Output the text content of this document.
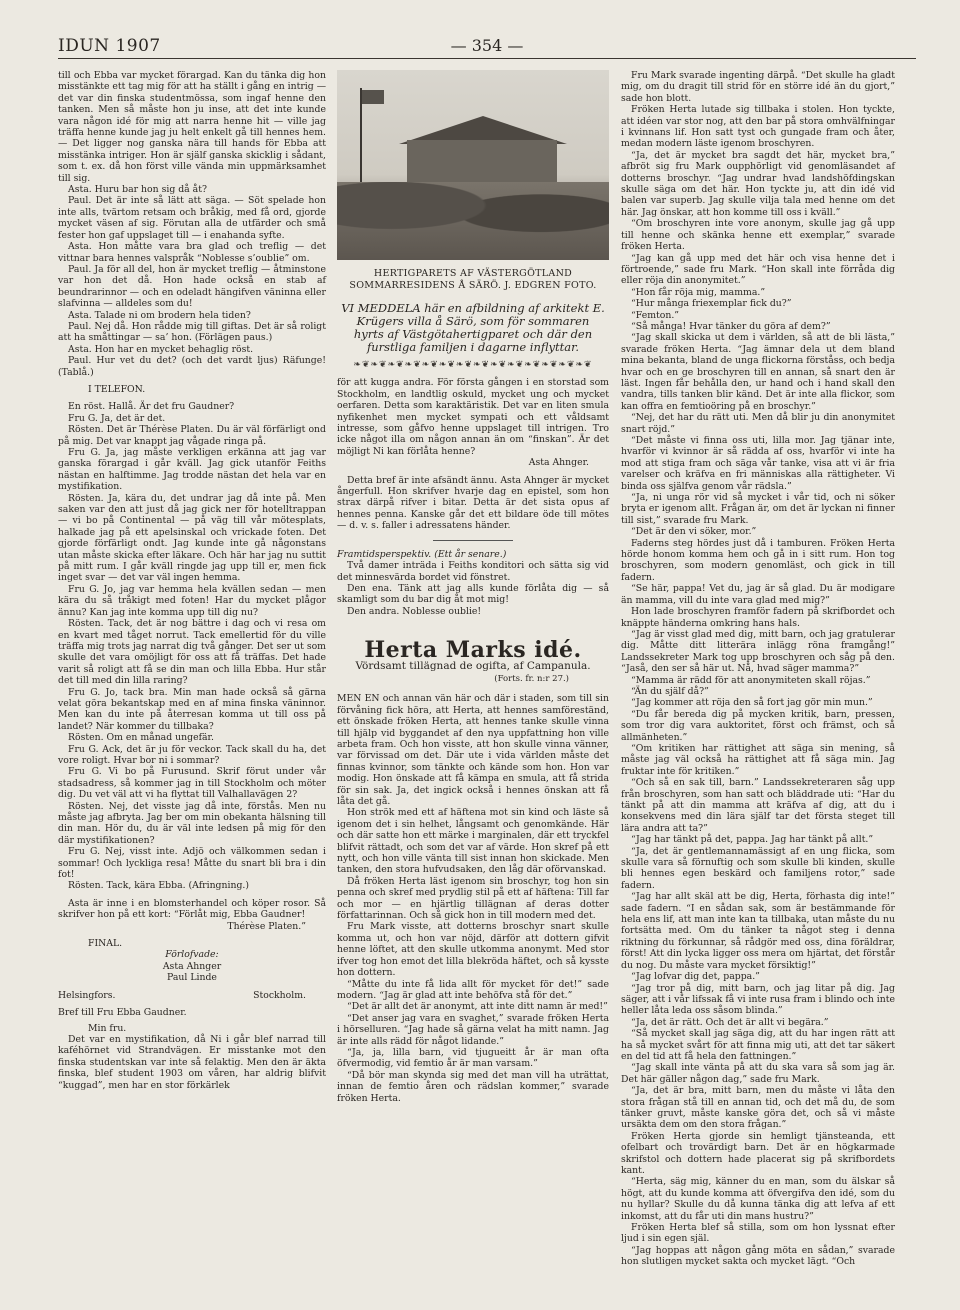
IDUN 1907	— 354 —

till och Ebba var mycket förargad. Kan du tänka dig hon misstänkte ett tag mig för att ha ställt i gång en intrig — det var din finska studentmössa, som ingaf henne den tanken. Men så måste hon ju inse, att det inte kunde vara någon idé för mig att narra henne hit — ville jag träffa henne kunde jag ju helt enkelt gå till hennes hem. — Det ligger nog ganska nära till hands för Ebba att misstänka intriger. Hon är själf ganska skicklig i sådant, som t. ex. då hon först ville vända min uppmärksamhet till sig.

Asta. Huru bar hon sig då åt?

Paul. Det är inte så lätt att säga. — Söt spelade hon inte alls, tvärtom retsam och bråkig, med få ord, gjorde mycket väsen af sig. Förutan alla de utfärder och små fester hon gaf uppslaget till — i enahanda syfte.

Asta. Hon måtte vara bra glad och treflig — det vittnar bara hennes valspråk “Noblesse s’oublie” om.

Paul. Ja för all del, hon är mycket treflig — åtminstone var hon det då. Hon hade också en stab af beundrarinnor — och en odeladt hängifven väninna eller slafvinna — alldeles som du!

Asta. Talade ni om brodern hela tiden?

Paul. Nej då. Hon rådde mig till giftas. Det är så roligt att ha småttingar — sa’ hon. (Förlägen paus.)

Asta. Hon har en mycket behaglig röst.

Paul. Hur vet du det? (och det vardt ljus) Räfunge! (Tablå.)

I TELEFON.

En röst. Hallå. Är det fru Gaudner?

Fru G. Ja, det är det.

Rösten. Det är Thérèse Platen. Du är väl förfärligt ond på mig. Det var knappt jag vågade ringa på.

Fru G. Ja, jag måste verkligen erkänna att jag var ganska förargad i går kväll. Jag gick utanför Feiths nästan en halftimme. Jag trodde nästan det hela var en mystifikation.

Rösten. Ja, kära du, det undrar jag då inte på. Men saken var den att just då jag gick ner för hotelltrappan — vi bo på Continental — på väg till vår mötesplats, halkade jag på ett apelsinskal och vrickade foten. Det gjorde förfärligt ondt. Jag kunde inte gå någonstans utan måste skicka efter läkare. Och här har jag nu suttit på mitt rum. I går kväll ringde jag upp till er, men fick inget svar — det var väl ingen hemma.

Fru G. Jo, jag var hemma hela kvällen sedan — men kära du så tråkigt med foten! Har du mycket plågor ännu? Kan jag inte komma upp till dig nu?

Rösten. Tack, det är nog bättre i dag och vi resa om en kvart med tåget norrut. Tack emellertid för du ville träffa mig trots jag narrat dig två gånger. Det ser ut som skulle det vara omöjligt för oss att få träffas. Det hade varit så roligt att få se din man och lilla Ebba. Hur står det till med din lilla raring?

Fru G. Jo, tack bra. Min man hade också så gärna velat göra bekantskap med en af mina finska väninnor. Men kan du inte på återresan komma ut till oss på landet? När kommer du tillbaka?

Rösten. Om en månad ungefär.

Fru G. Ack, det är ju för veckor. Tack skall du ha, det vore roligt. Hvar bor ni i sommar?

Fru G. Vi bo på Furusund. Skrif förut under vår stadsadress, så kommer jag in till Stockholm och möter dig. Du vet väl att vi ha flyttat till Valhallavägen 2?

Rösten. Nej, det visste jag då inte, förstås. Men nu måste jag afbryta. Jag ber om min obekanta hälsning till din man. Hör du, du är väl inte ledsen på mig för den där mystifikationen?

Fru G. Nej, visst inte. Adjö och välkommen sedan i sommar! Och lyckliga resa! Måtte du snart bli bra i din fot!

Rösten. Tack, kära Ebba. (Afringning.)

Asta är inne i en blomsterhandel och köper rosor. Så skrifver hon på ett kort: “Förlåt mig, Ebba Gaudner!

Thérèse Platen.”

FINAL.

Förlofvade:

Asta Ahnger

Paul Linde

Helsingfors.	Stockholm.

Bref till Fru Ebba Gaudner.

Min fru.

Det var en mystifikation, då Ni i går blef narrad till kaféhörnet vid Strandvägen. Er misstanke mot den finska studentskan var inte så felaktig. Men den är äkta finska, blef student 1903 om våren, har aldrig blifvit “kuggad”, men har en stor förkärlek

HERTIGPARETS AF VÄSTERGÖTLAND SOMMARRESIDENS Å SÄRÖ. J. EDGREN FOTO.
VI MEDDELA här en afbildning af arkitekt E. Krügers villa å Särö, som för sommaren hyrts af Västgötahertigparet och där den furstliga familjen i dagarne inflyttar.
❧❦❧❦❧❦❧❦❧❦❧❦❧❦❧❦❧❦❧❦❧❦❧❦❧❦❧❦

för att kugga andra. För första gången i en storstad som Stockholm, en landtlig oskuld, mycket ung och mycket oerfaren. Detta som karaktäristik. Det var en liten smula nyfikenhet men mycket sympati och ett våldsamt intresse, som gåfvo henne uppslaget till intrigen. Tro icke något illa om någon annan än om “finskan”. Är det möjligt Ni kan förlåta henne?

Asta Ahnger.

Detta bref är inte afsändt ännu. Asta Ahnger är mycket ångerfull. Hon skrifver hvarje dag en epistel, som hon strax därpå rifver i bitar. Detta är det sista opus af hennes penna. Kanske går det ett bildare öde till mötes — d. v. s. faller i adressatens händer.

Framtidsperspektiv. (Ett år senare.)

Två damer inträda i Feiths konditori och sätta sig vid det minnesvärda bordet vid fönstret.

Den ena. Tänk att jag alls kunde förlåta dig — så skamligt som du bar dig åt mot mig!

Den andra. Noblesse oublie!

Herta Marks idé.
Vördsamt tillägnad de ogifta, af Campanula.
(Forts. fr. n:r 27.)

MEN EN och annan vän här och där i staden, som till sin förvåning fick höra, att Herta, att hennes samföreständ, ett önskade fröken Herta, att hennes tanke skulle vinna till hjälp vid byggandet af den nya uppfattning hon ville arbeta fram. Och hon visste, att hon skulle vinna vänner, var förvissad om det. Där ute i vida världen måste det finnas kvinnor, som tänkte och kände som hon. Hon var modig. Hon önskade att få kämpa en smula, att få strida för sin sak. Ja, det ingick också i hennes önskan att få låta det gå.

Hon strök med ett af häftena mot sin kind och läste så igenom det i sin helhet, långsamt och genomkände. Här och där satte hon ett märke i marginalen, där ett tryckfel blifvit rättadt, och som det var af värde. Hon skref på ett nytt, och hon ville vänta till sist innan hon skickade. Men tanken, den stora hufvudsaken, den låg där oförvanskad.

Då fröken Herta läst igenom sin broschyr, tog hon sin penna och skref med prydlig stil på ett af häftena: Till far och mor — en hjärtlig tillägnan af deras dotter författarinnan. Och så gick hon in till modern med det.

Fru Mark visste, att dotterns broschyr snart skulle komma ut, och hon var nöjd, därför att dottern gifvit henne löftet, att den skulle utkomma anonymt. Med stor ifver tog hon emot det lilla blekröda häftet, och så kysste hon dottern.

“Måtte du inte få lida allt för mycket för det!” sade modern. “Jag är glad att inte behöfva stå för det.”

“Det är allt det är anonymt, att inte ditt namn är med!”

“Det anser jag vara en svaghet,” svarade fröken Herta i hörselluren. “Jag hade så gärna velat ha mitt namn. Jag är inte alls rädd för något lidande.”

“Ja, ja, lilla barn, vid tjugueitt år är man ofta öfvermodig, vid femtio år är man varsam.”

“Då bör man skynda sig med det man vill ha uträttat, innan de femtio åren och rädslan kommer,” svarade fröken Herta.

Fru Mark svarade ingenting därpå. “Det skulle ha gladt mig, om du dragit till strid för en större idé än du gjort,” sade hon blott.

Fröken Herta lutade sig tillbaka i stolen. Hon tyckte, att idéen var stor nog, att den bar på stora omhvälfningar i kvinnans lif. Hon satt tyst och gungade fram och åter, medan modern läste igenom broschyren.

“Ja, det är mycket bra sagdt det här, mycket bra,” afbröt sig fru Mark oupphörligt vid genomläsandet af dotterns broschyr. “Jag undrar hvad landshöfdingskan skulle säga om det här. Hon tyckte ju, att din idé vid balen var superb. Jag skulle vilja tala med henne om det här. Jag önskar, att hon komme till oss i kväll.”

“Om broschyren inte vore anonym, skulle jag gå upp till henne och skänka henne ett exemplar,” svarade fröken Herta.

“Jag kan gå upp med det här och visa henne det i förtroende,” sade fru Mark. “Hon skall inte förråda dig eller röja din anonymitet.”

“Hon får röja mig, mamma.”

“Hur många friexemplar fick du?”

“Femton.”

“Så många! Hvar tänker du göra af dem?”

“Jag skall skicka ut dem i världen, så att de bli lästa,” svarade fröken Herta. “Jag ämnar dela ut dem bland mina bekanta, bland de unga flickorna förståss, och bedja hvar och en ge broschyren till en annan, så snart den är läst. Ingen får behålla den, ur hand och i hand skall den vandra, tills tanken blir känd. Det är inte alla flickor, som kan offra en femtioöring på en broschyr.”

“Nej, det har du rätt uti. Men då blir ju din anonymitet snart röjd.”

“Det måste vi finna oss uti, lilla mor. Jag tjänar inte, hvarför vi kvinnor är så rädda af oss, hvarför vi inte ha mod att stiga fram och säga vår tanke, visa att vi är fria varelser och kräfva en fri människas alla rättigheter. Vi binda oss själfva genom vår rädsla.”

“Ja, ni unga rör vid så mycket i vår tid, och ni söker bryta er igenom allt. Frågan är, om det är lyckan ni finner till sist,” svarade fru Mark.

“Det är den vi söker, mor.”

Faderns steg hördes just då i tamburen. Fröken Herta hörde honom komma hem och gå in i sitt rum. Hon tog broschyren, som modern genomläst, och gick in till fadern.

“Se här, pappa! Vet du, jag är så glad. Du är modigare än mamma, vill du inte vara glad med mig?”

Hon lade broschyren framför fadern på skrifbordet och knäppte händerna omkring hans hals.

“Jag är visst glad med dig, mitt barn, och jag gratulerar dig. Måtte ditt litterära inlägg röna framgång!” Landssekreter Mark tog upp broschyren och såg på den. “Jaså, den ser så här ut. Nå, hvad säger mamma?”

“Mamma är rädd för att anonymiteten skall röjas.”

“Än du själf då?”

“Jag kommer att röja den så fort jag gör min mun.”

“Du får bereda dig på mycken kritik, barn, pressen, som tror dig vara auktoritet, först och främst, och så allmänheten.”

“Om kritiken har rättighet att säga sin mening, så måste jag väl också ha rättighet att få säga min. Jag fruktar inte för kritiken.”

“Och så en sak till, barn.” Landssekreteraren såg upp från broschyren, som han satt och bläddrade uti: “Har du tänkt på att din mamma att kräfva af dig, att du i konsekvens med din lära själf tar det första steget till lära andra att ta?”

“Jag har tänkt på det, pappa. Jag har tänkt på allt.”

“Ja, det är gentlemannamässigt af en ung flicka, som skulle vara så förnuftig och som skulle bli kinden, skulle bli hennes egen beskärd och familjens rotor,” sade fadern.

“Jag har allt skäl att be dig, Herta, förhasta dig inte!” sade fadern. “I en sådan sak, som är bestämmande för hela ens lif, att man inte kan ta tillbaka, utan måste du nu fortsätta med. Om du tänker ta något steg i denna riktning du förkunnar, så rådgör med oss, dina föräldrar, först! Att din lycka ligger oss mera om hjärtat, det förstår du nog. Du måste vara mycket försiktig!”

“Jag lofvar dig det, pappa.”

“Jag tror på dig, mitt barn, och jag litar på dig. Jag säger, att i vår lifssak få vi inte rusa fram i blindo och inte heller låta leda oss såsom blinda.”

“Ja, det är rätt. Och det är allt vi begära.”

“Så mycket skall jag säga dig, att du har ingen rätt att ha så mycket svårt för att finna mig uti, att det tar säkert en del tid att få hela den fattningen.”

“Jag skall inte vänta på att du ska vara så som jag är. Det här gäller någon dag,” sade fru Mark.

“Ja, det är bra, mitt barn, men du måste vi låta den stora frågan stå till en annan tid, och det må du, de som tänker gruvt, måste kanske göra det, och så vi måste ursäkta dem om den stora frågan.”

Fröken Herta gjorde sin hemligt tjänsteanda, ett ofelbart och trovärdigt barn. Det är en högkarmade skrifstol och dottern hade placerat sig på skrifbordets kant.

“Herta, säg mig, känner du en man, som du älskar så högt, att du kunde komma att öfvergifva den idé, som du nu hyllar? Skulle du då kunna tänka dig att lefva af ett inkomst, att du får uti din mans hustru?”

Fröken Herta blef så stilla, som om hon lyssnat efter ljud i sin egen själ.

“Jag hoppas att någon gång möta en sådan,” svarade hon slutligen mycket sakta och mycket lägt. “Och
